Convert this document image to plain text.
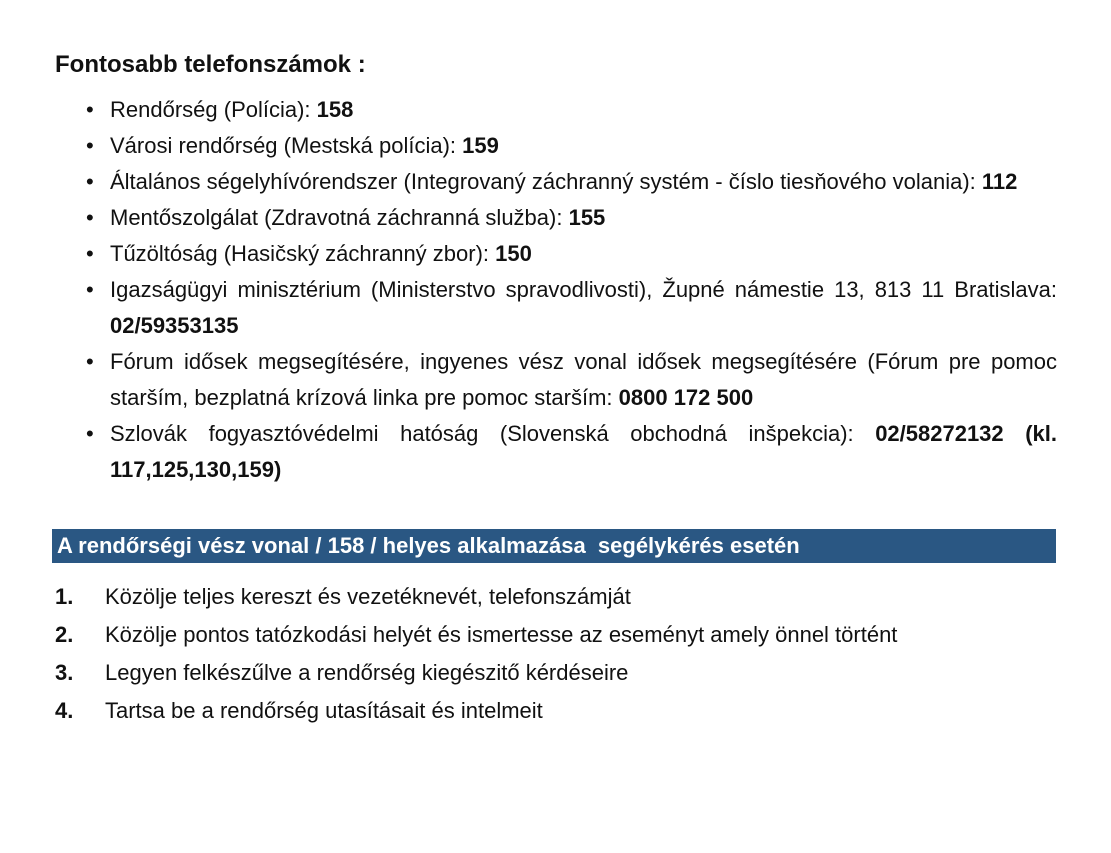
Fontosabb telefonszámok :
• Rendőrség (Polícia): 158
• Városi rendőrség (Mestská polícia): 159
• Általános ségelyhívórendszer (Integrovaný záchranný systém - číslo tiesňového volania): 112
• Mentőszolgálat (Zdravotná záchranná služba): 155
• Tűzöltóság (Hasičský záchranný zbor): 150
• Igazságügyi minisztérium (Ministerstvo spravodlivosti), Župné námestie 13, 813 11 Bratislava: 02/59353135
• Fórum idősek megsegítésére, ingyenes vész vonal idősek megsegítésére (Fórum pre pomoc starším, bezplatná krízová linka pre pomoc starším: 0800 172 500
• Szlovák fogyasztóvédelmi hatóság (Slovenská obchodná inšpekcia): 02/58272132 (kl. 117,125,130,159)
A rendőrségi vész vonal / 158 / helyes alkalmazása  segélykérés esetén
1.	Közölje teljes kereszt és vezetéknevét, telefonszámját
2.	Közölje pontos tatózkodási helyét és ismertesse az eseményt amely önnel történt
3.	Legyen felkészűlve a rendőrség kiegészitő kérdéseire
4.	Tartsa be a rendőrség utasításait és intelmeit
